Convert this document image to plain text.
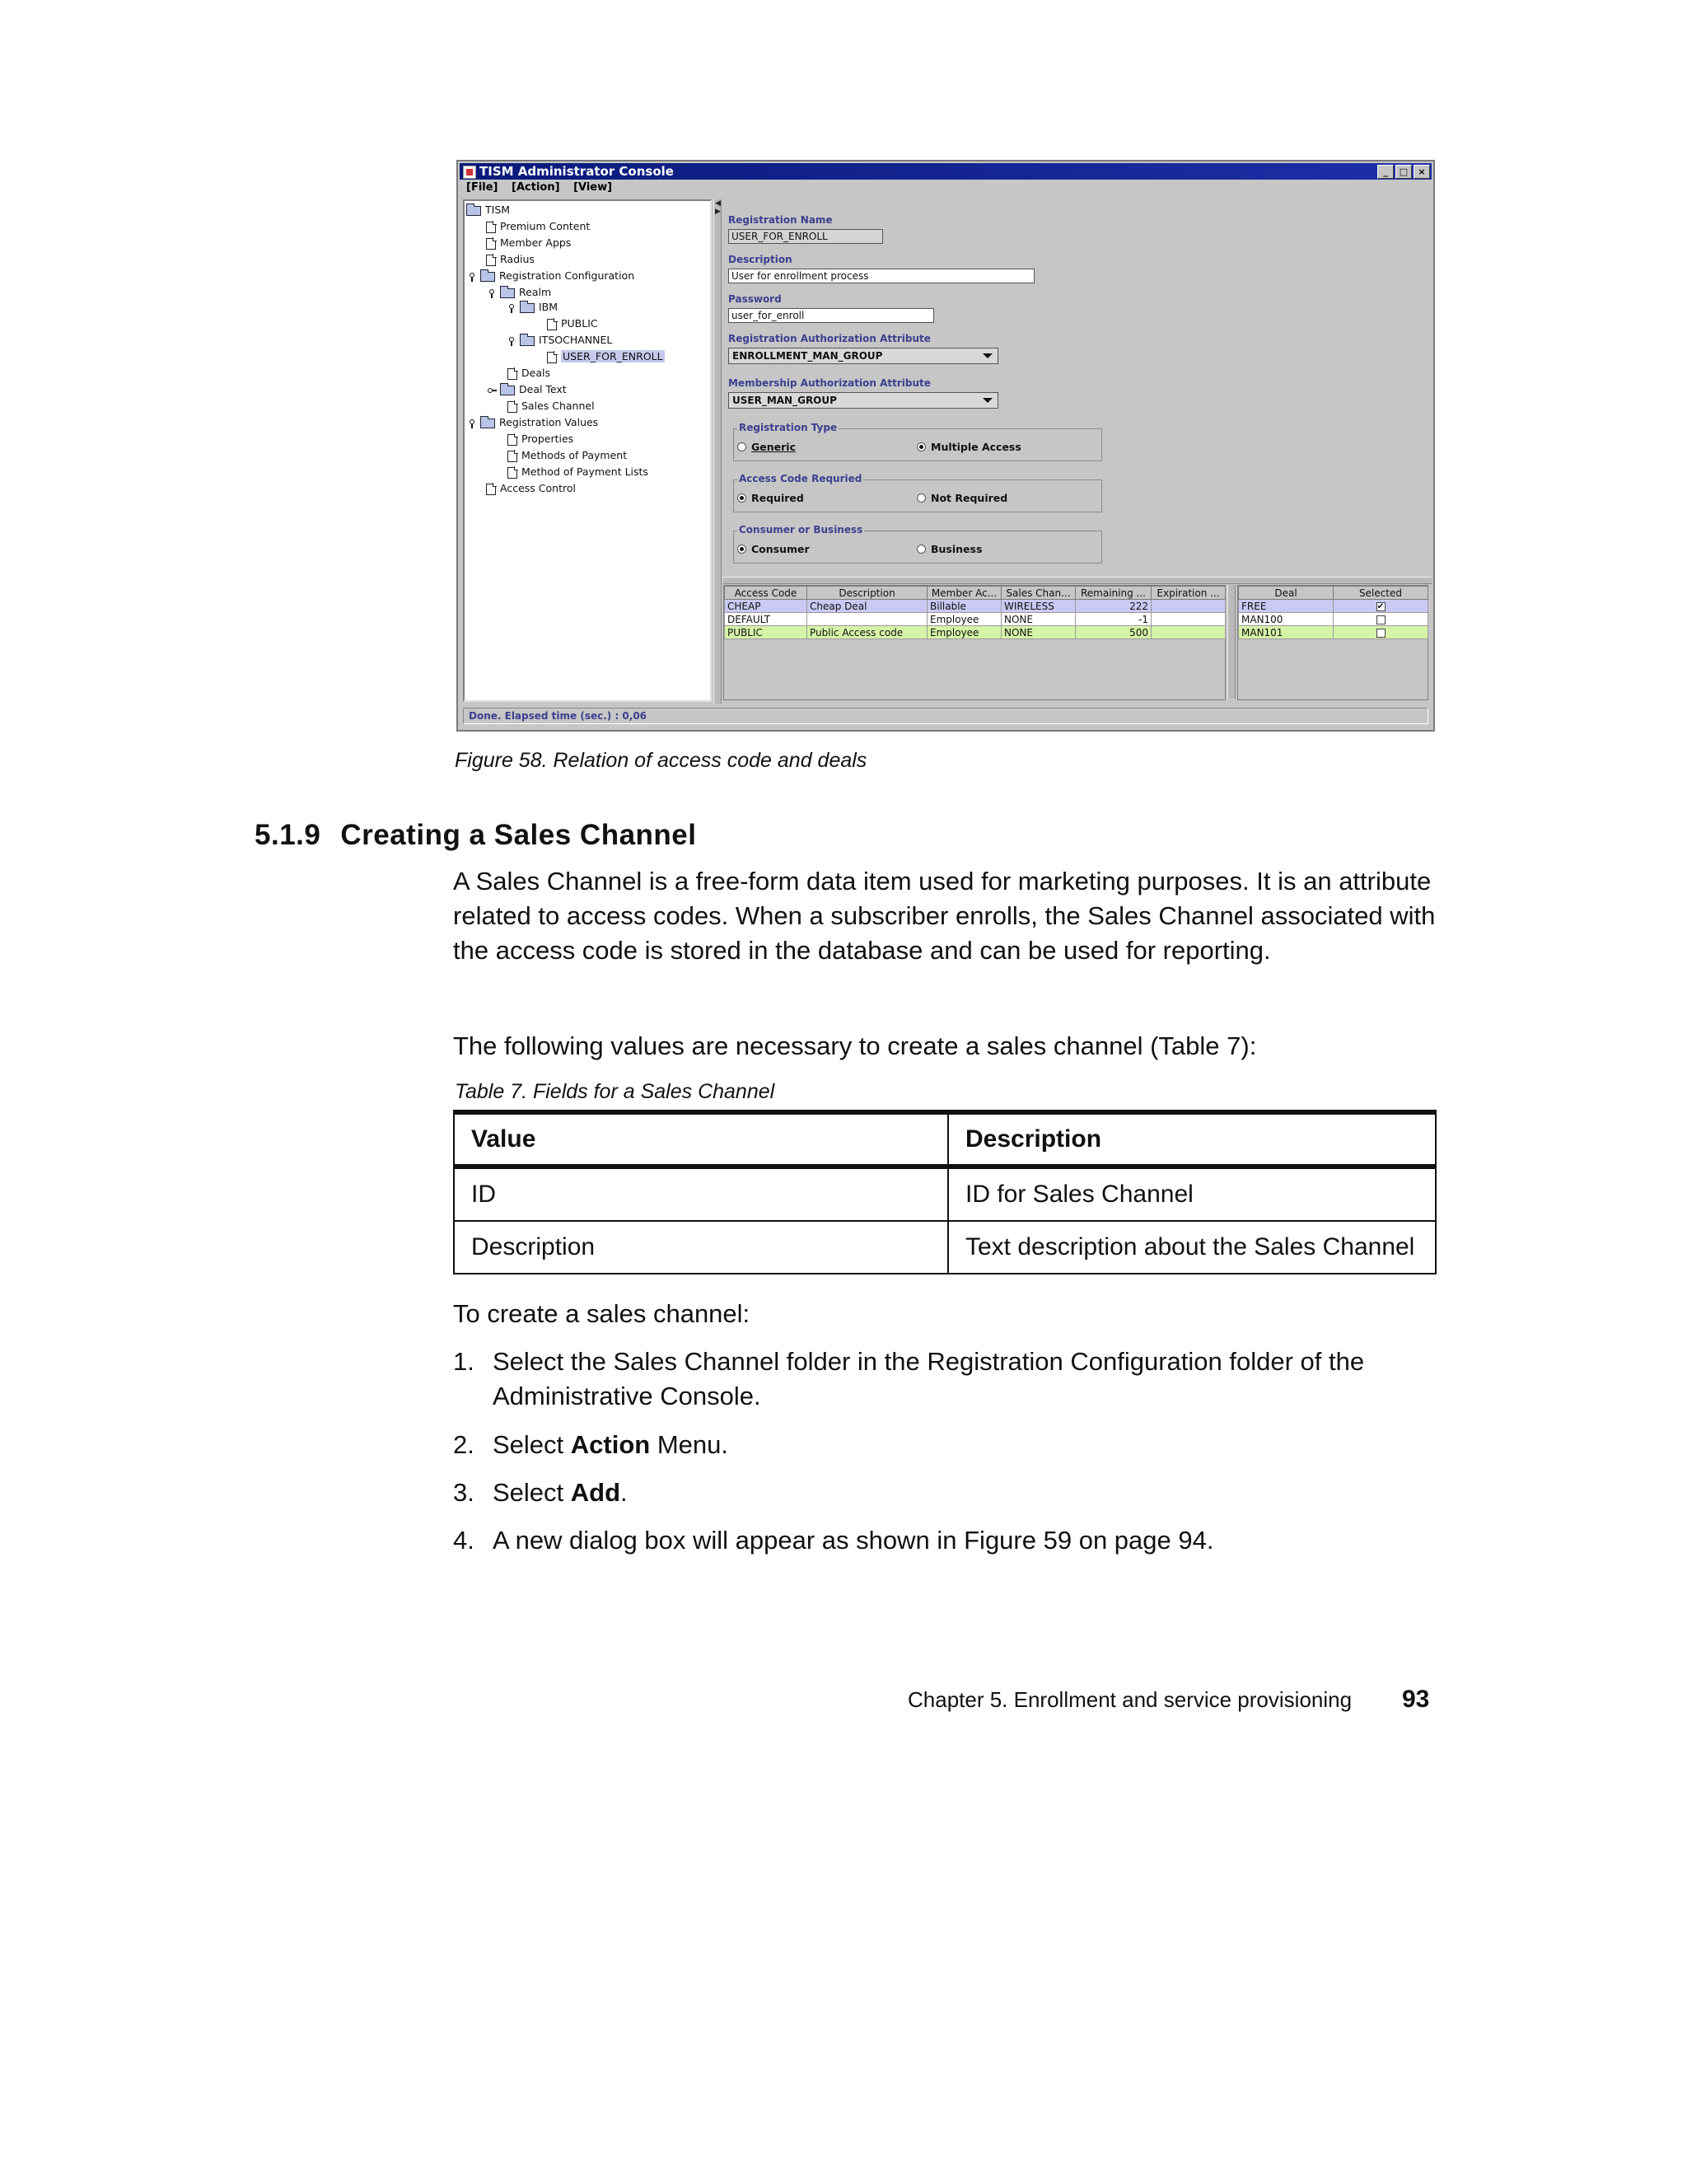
TISM Administrator Console	_	□	×
[File] [Action] [View]
TISM
Premium Content
Member Apps
Radius
Registration Configuration
Realm
IBM
PUBLIC
ITSOCHANNEL
USER_FOR_ENROLL
Deals
Deal Text
Sales Channel
Registration Values
Properties
Methods of Payment
Method of Payment Lists
Access Control
◀
▶
Registration Name
USER_FOR_ENROLL
Description
User for enrollment process
Password
user_for_enroll
Registration Authorization Attribute
ENROLLMENT_MAN_GROUP
Membership Authorization Attribute
USER_MAN_GROUP
Registration Type
Generic	Multiple Access
Access Code Requried
Required	Not Required
Consumer or Business
Consumer	Business
Access Code	Description	Member Ac...	Sales Chan...	Remaining ...	Expiration ...
CHEAP	Cheap Deal	Billable	WIRELESS	222	
DEFAULT		Employee	NONE	-1	
PUBLIC	Public Access code	Employee	NONE	500	
Deal	Selected
FREE	✔
MAN100	
MAN101	
Done. Elapsed time (sec.) : 0,06
Figure 58. Relation of access code and deals
5.1.9 Creating a Sales Channel
A Sales Channel is a free-form data item used for marketing purposes. It is an attribute related to access codes. When a subscriber enrolls, the Sales Channel associated with the access code is stored in the database and can be used for reporting.
The following values are necessary to create a sales channel (Table 7):
Table 7. Fields for a Sales Channel
Value	Description
ID	ID for Sales Channel
Description	Text description about the Sales Channel
To create a sales channel:
1. Select the Sales Channel folder in the Registration Configuration folder of the Administrative Console.
2. Select Action Menu.
3. Select Add.
4. A new dialog box will appear as shown in Figure 59 on page 94.
Chapter 5. Enrollment and service provisioning 93
